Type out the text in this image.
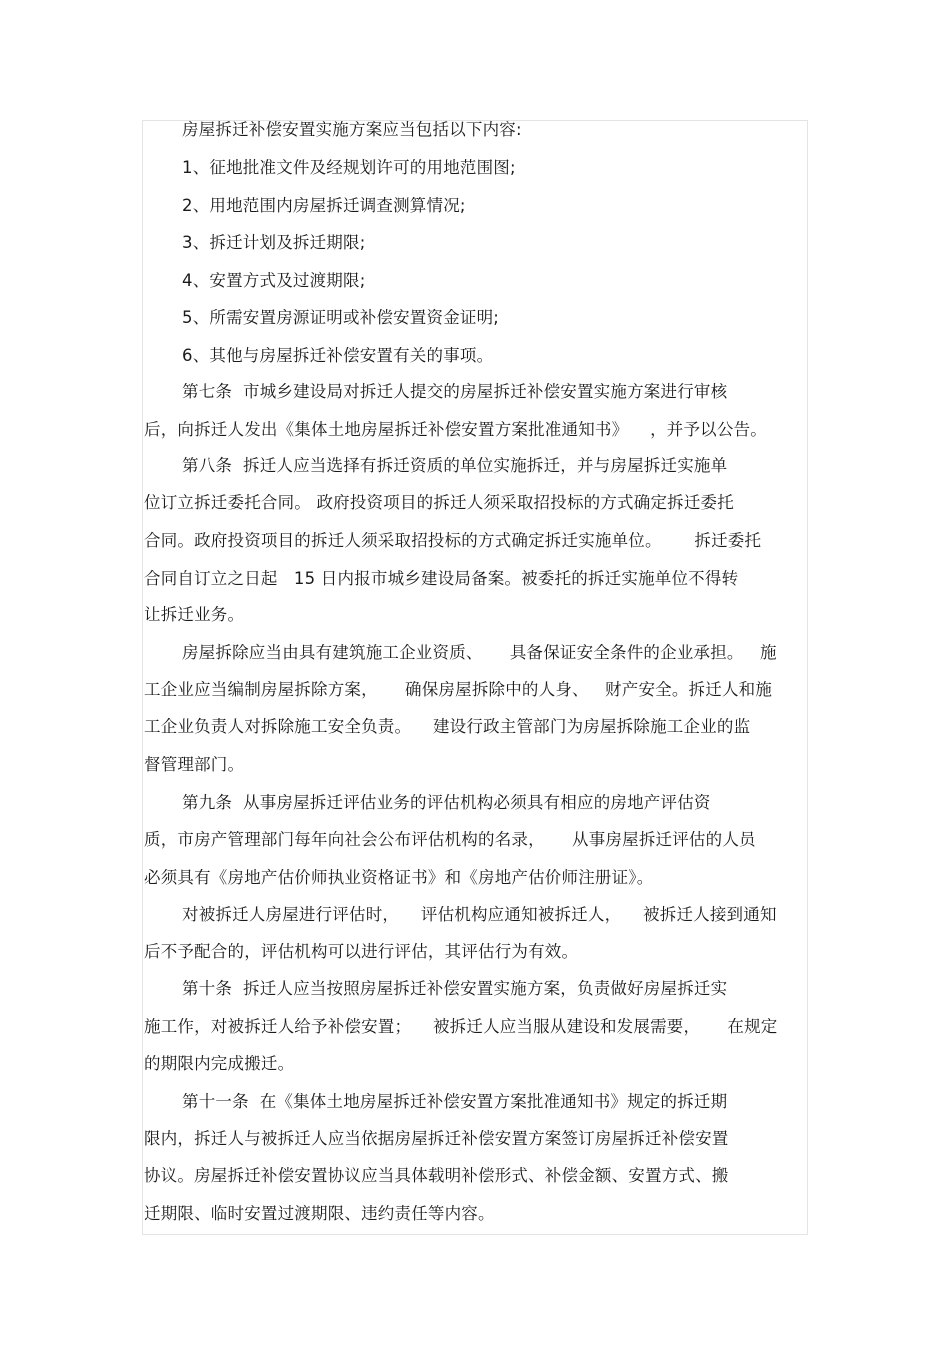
房屋拆迁补偿安置实施方案应当包括以下内容:
1、征地批准文件及经规划许可的用地范围图;
2、用地范围内房屋拆迁调查测算情况;
3、拆迁计划及拆迁期限;
4、安置方式及过渡期限;
5、所需安置房源证明或补偿安置资金证明;
6、其他与房屋拆迁补偿安置有关的事项。
第七条  市城乡建设局对拆迁人提交的房屋拆迁补偿安置实施方案进行审核
后，向拆迁人发出《集体土地房屋拆迁补偿安置方案批准通知书》    ，并予以公告。
第八条  拆迁人应当选择有拆迁资质的单位实施拆迁，并与房屋拆迁实施单
位订立拆迁委托合同。 政府投资项目的拆迁人须采取招投标的方式确定拆迁委托
合同。政府投资项目的拆迁人须采取招投标的方式确定拆迁实施单位。      拆迁委托
合同自订立之日起   15 日内报市城乡建设局备案。被委托的拆迁实施单位不得转
让拆迁业务。
房屋拆除应当由具有建筑施工企业资质、     具备保证安全条件的企业承担。   施
工企业应当编制房屋拆除方案，     确保房屋拆除中的人身、   财产安全。拆迁人和施
工企业负责人对拆除施工安全负责。    建设行政主管部门为房屋拆除施工企业的监
督管理部门。
第九条  从事房屋拆迁评估业务的评估机构必须具有相应的房地产评估资
质，市房产管理部门每年向社会公布评估机构的名录，     从事房屋拆迁评估的人员
必须具有《房地产估价师执业资格证书》和《房地产估价师注册证》。
对被拆迁人房屋进行评估时，    评估机构应通知被拆迁人，    被拆迁人接到通知
后不予配合的，评估机构可以进行评估，其评估行为有效。
第十条  拆迁人应当按照房屋拆迁补偿安置实施方案，负责做好房屋拆迁实
施工作，对被拆迁人给予补偿安置；    被拆迁人应当服从建设和发展需要，     在规定
的期限内完成搬迁。
第十一条  在《集体土地房屋拆迁补偿安置方案批准通知书》规定的拆迁期
限内，拆迁人与被拆迁人应当依据房屋拆迁补偿安置方案签订房屋拆迁补偿安置
协议。房屋拆迁补偿安置协议应当具体载明补偿形式、补偿金额、安置方式、搬
迁期限、临时安置过渡期限、违约责任等内容。
